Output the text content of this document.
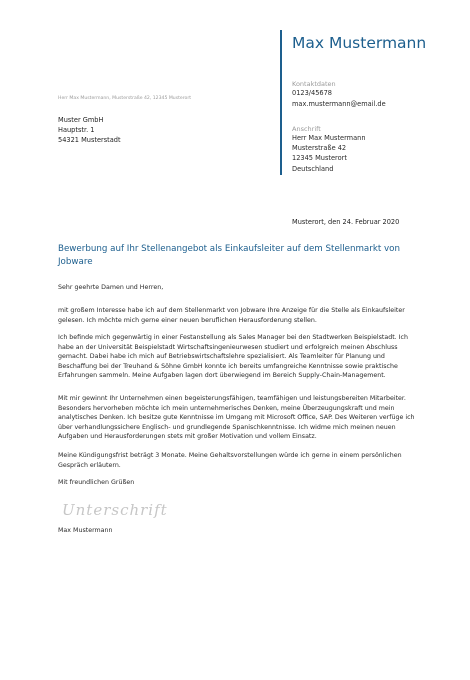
Max Mustermann
Kontaktdaten
0123/45678
max.mustermann@email.de
Anschrift
Herr Max Mustermann
Musterstraße 42
12345 Musterort
Deutschland
Herr Max Mustermann, Musterstraße 42, 12345 Musterort
Muster GmbH
Hauptstr. 1
54321 Musterstadt
Musterort, den 24. Februar 2020
Bewerbung auf Ihr Stellenangebot als Einkaufsleiter auf dem Stellenmarkt von Jobware
Sehr geehrte Damen und Herren,
mit großem Interesse habe ich auf dem Stellenmarkt von Jobware Ihre Anzeige für die Stelle als Einkaufsleiter gelesen. Ich möchte mich gerne einer neuen beruflichen Herausforderung stellen.
Ich befinde mich gegenwärtig in einer Festanstellung als Sales Manager bei den Stadtwerken Beispielstadt. Ich habe an der Universität Beispielstadt Wirtschaftsingenieurwesen studiert und erfolgreich meinen Abschluss gemacht. Dabei habe ich mich auf Betriebswirtschaftslehre spezialisiert. Als Teamleiter für Planung und Beschaffung bei der Treuhand & Söhne GmbH konnte ich bereits umfangreiche Kenntnisse sowie praktische Erfahrungen sammeln. Meine Aufgaben lagen dort überwiegend im Bereich Supply-Chain-Management.
Mit mir gewinnt Ihr Unternehmen einen begeisterungsfähigen, teamfähigen und leistungsbereiten Mitarbeiter. Besonders hervorheben möchte ich mein unternehmerisches Denken, meine Überzeugungskraft und mein analytisches Denken. Ich besitze gute Kenntnisse im Umgang mit Microsoft Office, SAP. Des Weiteren verfüge ich über verhandlungssichere Englisch- und grundlegende Spanischkenntnisse. Ich widme mich meinen neuen Aufgaben und Herausforderungen stets mit großer Motivation und vollem Einsatz.
Meine Kündigungsfrist beträgt 3 Monate. Meine Gehaltsvorstellungen würde ich gerne in einem persönlichen Gespräch erläutern.
Mit freundlichen Grüßen
Unterschrift
Max Mustermann
